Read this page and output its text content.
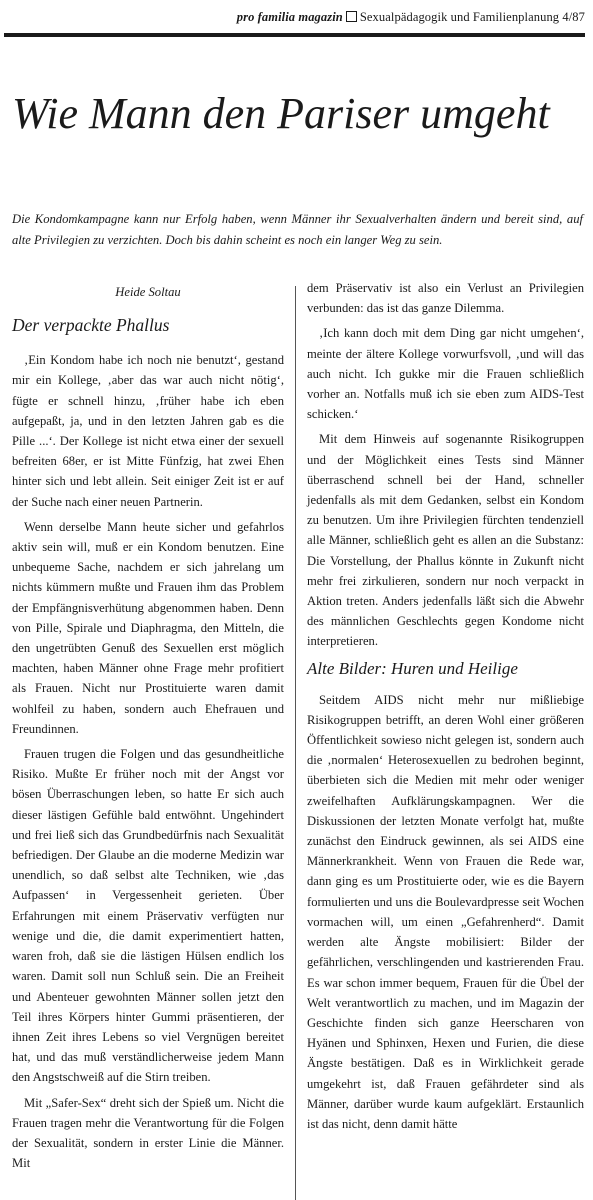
pro familia magazin Sexualpädagogik und Familienplanung 4/87
Wie Mann den Pariser umgeht
Die Kondomkampagne kann nur Erfolg haben, wenn Männer ihr Sexualverhalten ändern und bereit sind, auf alte Privilegien zu verzichten. Doch bis dahin scheint es noch ein langer Weg zu sein.
Heide Soltau
Der verpackte Phallus

‚Ein Kondom habe ich noch nie benutzt‘, gestand mir ein Kollege, ‚aber das war auch nicht nötig‘, fügte er schnell hinzu, ‚früher habe ich eben aufgepaßt, ja, und in den letzten Jahren gab es die Pille ...‘. Der Kollege ist nicht etwa einer der sexuell befreiten 68er, er ist Mitte Fünfzig, hat zwei Ehen hinter sich und lebt allein. Seit einiger Zeit ist er auf der Suche nach einer neuen Partnerin.

Wenn derselbe Mann heute sicher und gefahrlos aktiv sein will, muß er ein Kondom benutzen. Eine unbequeme Sache, nachdem er sich jahrelang um nichts kümmern mußte und Frauen ihm das Problem der Empfängnisverhütung abgenommen haben. Denn von Pille, Spirale und Diaphragma, den Mitteln, die den ungetrübten Genuß des Sexuellen erst möglich machten, haben Männer ohne Frage mehr profitiert als Frauen. Nicht nur Prostituierte waren damit wohlfeil zu haben, sondern auch Ehefrauen und Freundinnen.

Frauen trugen die Folgen und das gesundheitliche Risiko. Mußte Er früher noch mit der Angst vor bösen Überraschungen leben, so hatte Er sich auch dieser lästigen Gefühle bald entwöhnt. Ungehindert und frei ließ sich das Grundbedürfnis nach Sexualität befriedigen. Der Glaube an die moderne Medizin war unendlich, so daß selbst alte Techniken, wie ‚das Aufpassen‘ in Vergessenheit gerieten. Über Erfahrungen mit einem Präservativ verfügten nur wenige und die, die damit experimentiert hatten, waren froh, daß sie die lästigen Hülsen endlich los waren. Damit soll nun Schluß sein. Die an Freiheit und Abenteuer gewohnten Männer sollen jetzt den Teil ihres Körpers hinter Gummi präsentieren, der ihnen Zeit ihres Lebens so viel Vergnügen bereitet hat, und das muß verständlicherweise jedem Mann den Angstschweiß auf die Stirn treiben.

Mit „Safer-Sex“ dreht sich der Spieß um. Nicht die Frauen tragen mehr die Verantwortung für die Folgen der Sexualität, sondern in erster Linie die Männer. Mit

dem Präservativ ist also ein Verlust an Privilegien verbunden: das ist das ganze Dilemma.

‚Ich kann doch mit dem Ding gar nicht umgehen‘, meinte der ältere Kollege vorwurfsvoll, ‚und will das auch nicht. Ich gukke mir die Frauen schließlich vorher an. Notfalls muß ich sie eben zum AIDS-Test schicken.‘

Mit dem Hinweis auf sogenannte Risikogruppen und der Möglichkeit eines Tests sind Männer überraschend schnell bei der Hand, schneller jedenfalls als mit dem Gedanken, selbst ein Kondom zu benutzen. Um ihre Privilegien fürchten tendenziell alle Männer, schließlich geht es allen an die Substanz: Die Vorstellung, der Phallus könnte in Zukunft nicht mehr frei zirkulieren, sondern nur noch verpackt in Aktion treten. Anders jedenfalls läßt sich die Abwehr des männlichen Geschlechts gegen Kondome nicht interpretieren.

Alte Bilder: Huren und Heilige

Seitdem AIDS nicht mehr nur mißliebige Risikogruppen betrifft, an deren Wohl einer größeren Öffentlichkeit sowieso nicht gelegen ist, sondern auch die ‚normalen‘ Heterosexuellen zu bedrohen beginnt, überbieten sich die Medien mit mehr oder weniger zweifelhaften Aufklärungskampagnen. Wer die Diskussionen der letzten Monate verfolgt hat, mußte zunächst den Eindruck gewinnen, als sei AIDS eine Männerkrankheit. Wenn von Frauen die Rede war, dann ging es um Prostituierte oder, wie es die Bayern formulierten und uns die Boulevardpresse seit Wochen vormachen will, um einen „Gefahrenherd“. Damit werden alte Ängste mobilisiert: Bilder der gefährlichen, verschlingenden und kastrierenden Frau. Es war schon immer bequem, Frauen für die Übel der Welt verantwortlich zu machen, und im Magazin der Geschichte finden sich ganze Heerscharen von Hyänen und Sphinxen, Hexen und Furien, die diese Ängste bestätigen. Daß es in Wirklichkeit gerade umgekehrt ist, daß Frauen gefährdeter sind als Männer, darüber wurde kaum aufgeklärt. Erstaunlich ist das nicht, denn damit hätte
